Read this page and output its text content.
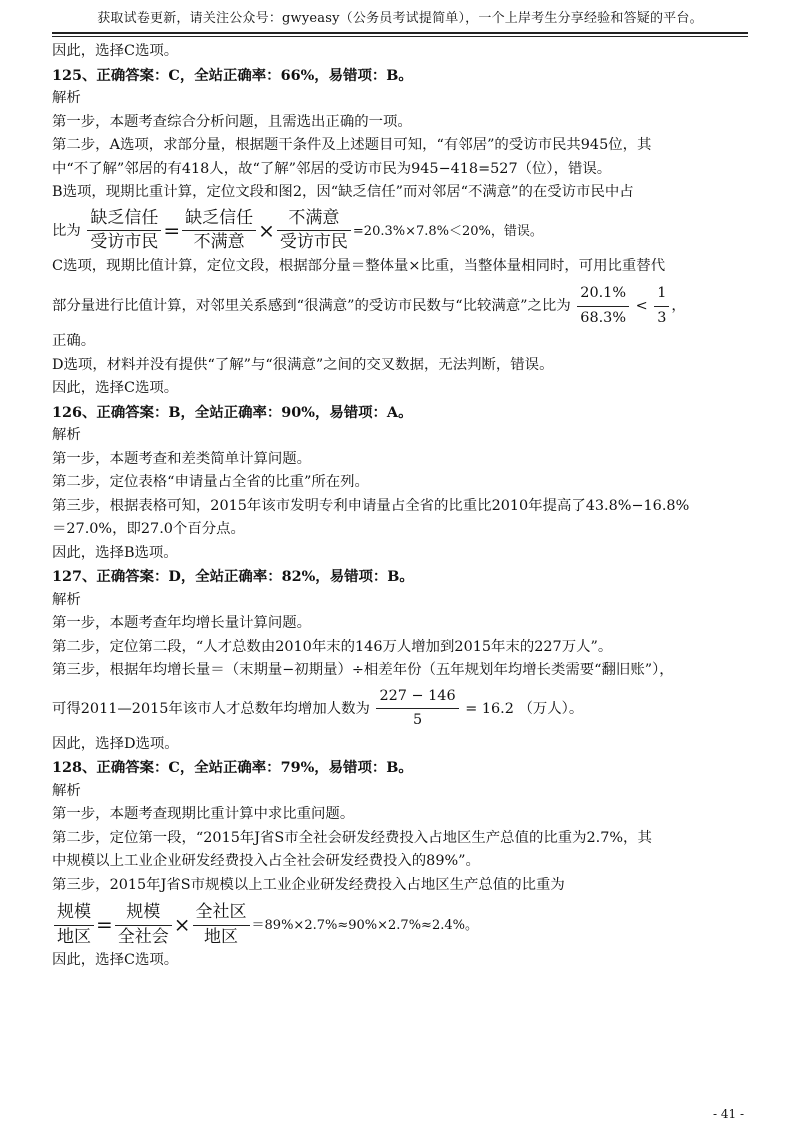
获取试卷更新，请关注公众号：gwyeasy（公务员考试提简单），一个上岸考生分享经验和答疑的平台。
因此，选择C选项。
125、正确答案：C，全站正确率：66%，易错项：B。
解析
第一步，本题考查综合分析问题，且需选出正确的一项。
第二步，A选项，求部分量，根据题干条件及上述题目可知，“有邻居”的受访市民共945位，其
中“不了解”邻居的有418人，故“了解”邻居的受访市民为945−418=527（位），错误。
B选项，现期比重计算，定位文段和图2，因“缺乏信任”而对邻居“不满意”的在受访市民中占
比为 $\frac{\text{缺乏信任}}{\text{受访市民}} = \frac{\text{缺乏信任}}{\text{不满意}} \times \frac{\text{不满意}}{\text{受访市民}} =20.3\%\times 7.8\%<20\%$，错误。
C选项，现期比值计算，定位文段，根据部分量＝整体量×比重，当整体量相同时，可用比重替代
部分量进行比值计算，对邻里关系感到“很满意”的受访市民数与“比较满意”之比为 $\frac{20.1\%}{68.3\%} < \frac{1}{3}$ ，
正确。
D选项，材料并没有提供“了解”与“很满意”之间的交叉数据，无法判断，错误。
因此，选择C选项。
126、正确答案：B，全站正确率：90%，易错项：A。
解析
第一步，本题考查和差类简单计算问题。
第二步，定位表格“申请量占全省的比重”所在列。
第三步，根据表格可知，2015年该市发明专利申请量占全省的比重比2010年提高了43.8%−16.8%
＝27.0%，即27.0个百分点。
因此，选择B选项。
127、正确答案：D，全站正确率：82%，易错项：B。
解析
第一步，本题考查年均增长量计算问题。
第二步，定位第二段，“人才总数由2010年末的146万人增加到2015年末的227万人”。
第三步，根据年均增长量＝（末期量−初期量）÷相差年份（五年规划年均增长类需要“翻旧账”），
可得2011—2015年该市人才总数年均增加人数为 $\frac{227 - 146}{5} = 16.2$ （万人）。
因此，选择D选项。
128、正确答案：C，全站正确率：79%，易错项：B。
解析
第一步，本题考查现期比重计算中求比重问题。
第二步，定位第一段，“2015年J省S市全社会研发经费投入占地区生产总值的比重为2.7%，其
中规模以上工业企业研发经费投入占全社会研发经费投入的89%”。
第三步，2015年J省S市规模以上工业企业研发经费投入占地区生产总值的比重为
$\frac{\text{规模}}{\text{地区}} = \frac{\text{规模}}{\text{全社会}} \times \frac{\text{全社区}}{\text{地区}} =89\%\times 2.7\%\approx 90\%\times 2.7\%\approx 2.4\%$。
因此，选择C选项。
- 41 -
